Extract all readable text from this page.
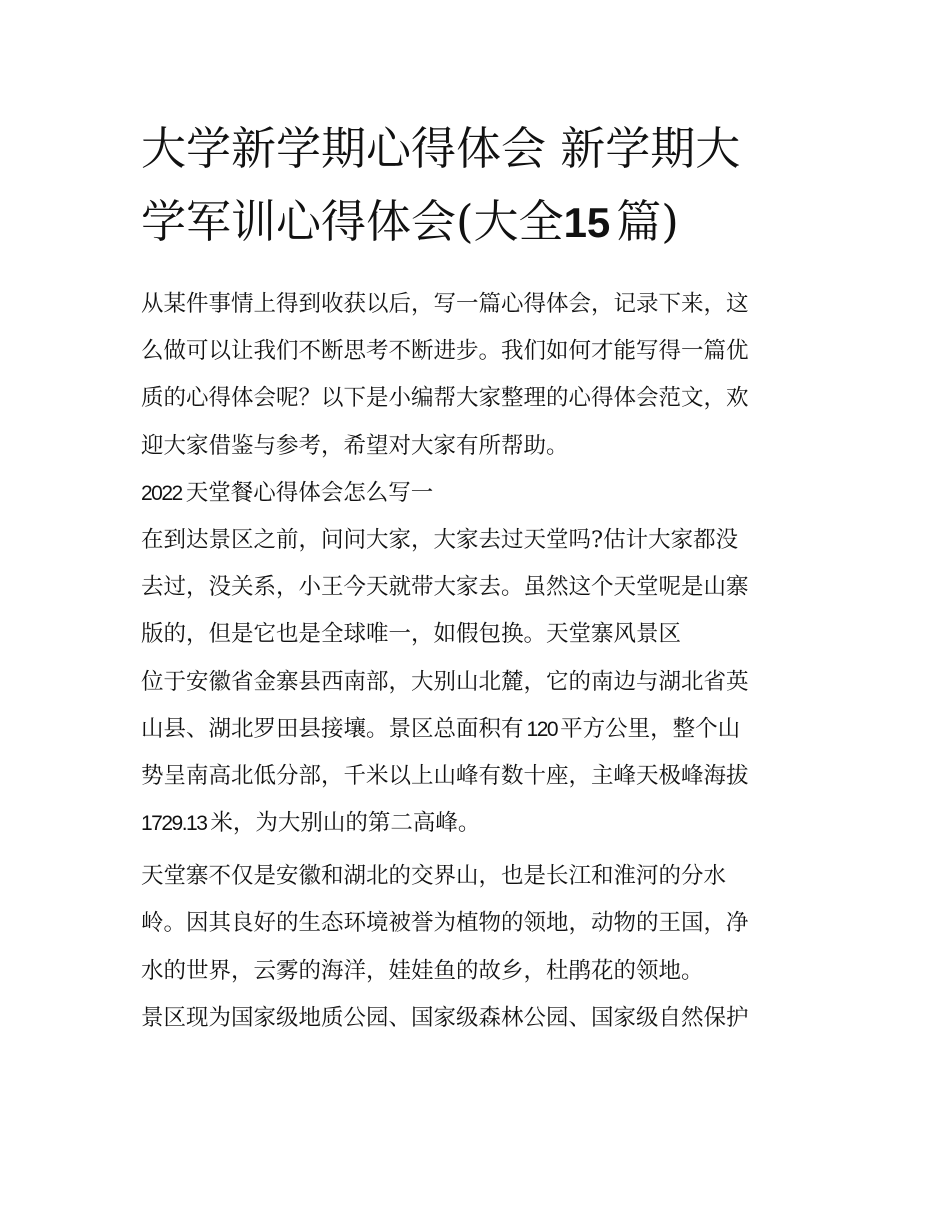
大学新学期心得体会 新学期大
学军训心得体会(大全15 篇)
从某件事情上得到收获以后，写一篇心得体会，记录下来，这
么做可以让我们不断思考不断进步。我们如何才能写得一篇优
质的心得体会呢？以下是小编帮大家整理的心得体会范文，欢
迎大家借鉴与参考，希望对大家有所帮助。
2022 天堂餐心得体会怎么写一
在到达景区之前，问问大家，大家去过天堂吗?估计大家都没
去过，没关系，小王今天就带大家去。虽然这个天堂呢是山寨
版的，但是它也是全球唯一，如假包换。天堂寨风景区
位于安徽省金寨县西南部，大别山北麓，它的南边与湖北省英
山县、湖北罗田县接壤。景区总面积有 120 平方公里，整个山
势呈南高北低分部，千米以上山峰有数十座，主峰天极峰海拔
1729.13 米，为大别山的第二高峰。
天堂寨不仅是安徽和湖北的交界山，也是长江和淮河的分水
岭。因其良好的生态环境被誉为植物的领地，动物的王国，净
水的世界，云雾的海洋，娃娃鱼的故乡，杜鹃花的领地。
景区现为国家级地质公园、国家级森林公园、国家级自然保护
